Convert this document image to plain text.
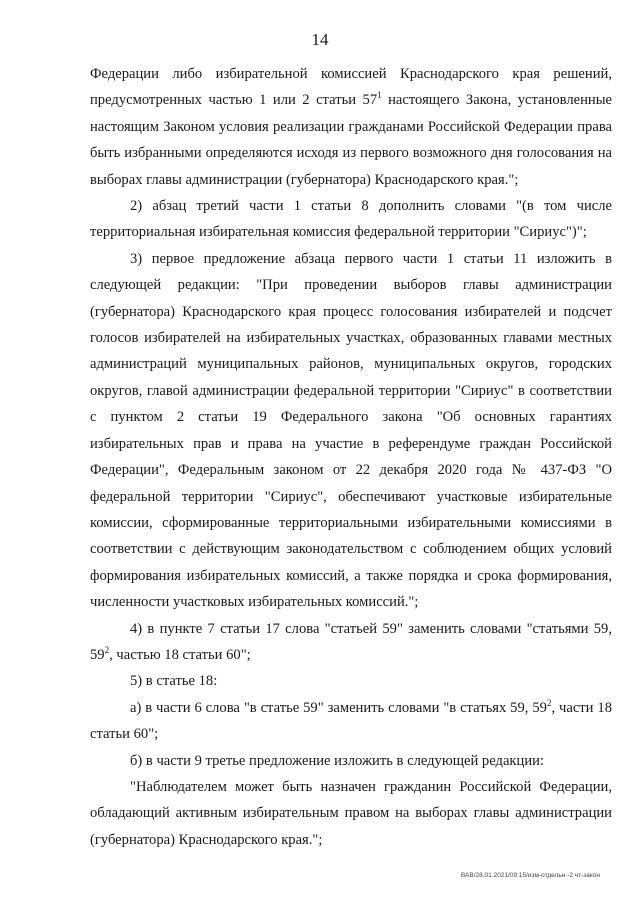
14

Федерации либо избирательной комиссией Краснодарского края решений, предусмотренных частью 1 или 2 статьи $57^1$ настоящего Закона, установленные настоящим Законом условия реализации гражданами Российской Федерации права быть избранными определяются исходя из первого возможного дня голосования на выборах главы администрации (губернатора) Краснодарского края.";

2) абзац третий части 1 статьи 8 дополнить словами "(в том числе территориальная избирательная комиссия федеральной территории "Сириус")";

3) первое предложение абзаца первого части 1 статьи 11 изложить в следующей редакции: "При проведении выборов главы администрации (губернатора) Краснодарского края процесс голосования избирателей и подсчет голосов избирателей на избирательных участках, образованных главами местных администраций муниципальных районов, муниципальных округов, городских округов, главой администрации федеральной территории "Сириус" в соответствии с пунктом 2 статьи 19 Федерального закона "Об основных гарантиях избирательных прав и права на участие в референдуме граждан Российской Федерации", Федеральным законом от 22 декабря 2020 года № 437-ФЗ "О федеральной территории "Сириус", обеспечивают участковые избирательные комиссии, сформированные территориальными избирательными комиссиями в соответствии с действующим законодательством с соблюдением общих условий формирования избирательных комиссий, а также порядка и срока формирования, численности участковых избирательных комиссий.";

4) в пункте 7 статьи 17 слова "статьей 59" заменить словами "статьями 59, $59^2$, частью 18 статьи 60";

5) в статье 18:

а) в части 6 слова "в статье 59" заменить словами "в статьях 59, $59^2$, части 18 статьи 60";

б) в части 9 третье предложение изложить в следующей редакции:

"Наблюдателем может быть назначен гражданин Российской Федерации, обладающий активным избирательным правом на выборах главы администрации (губернатора) Краснодарского края.";

ВАВ/28.01.2021/09:15/изм-отдельн -2 чт-закон
